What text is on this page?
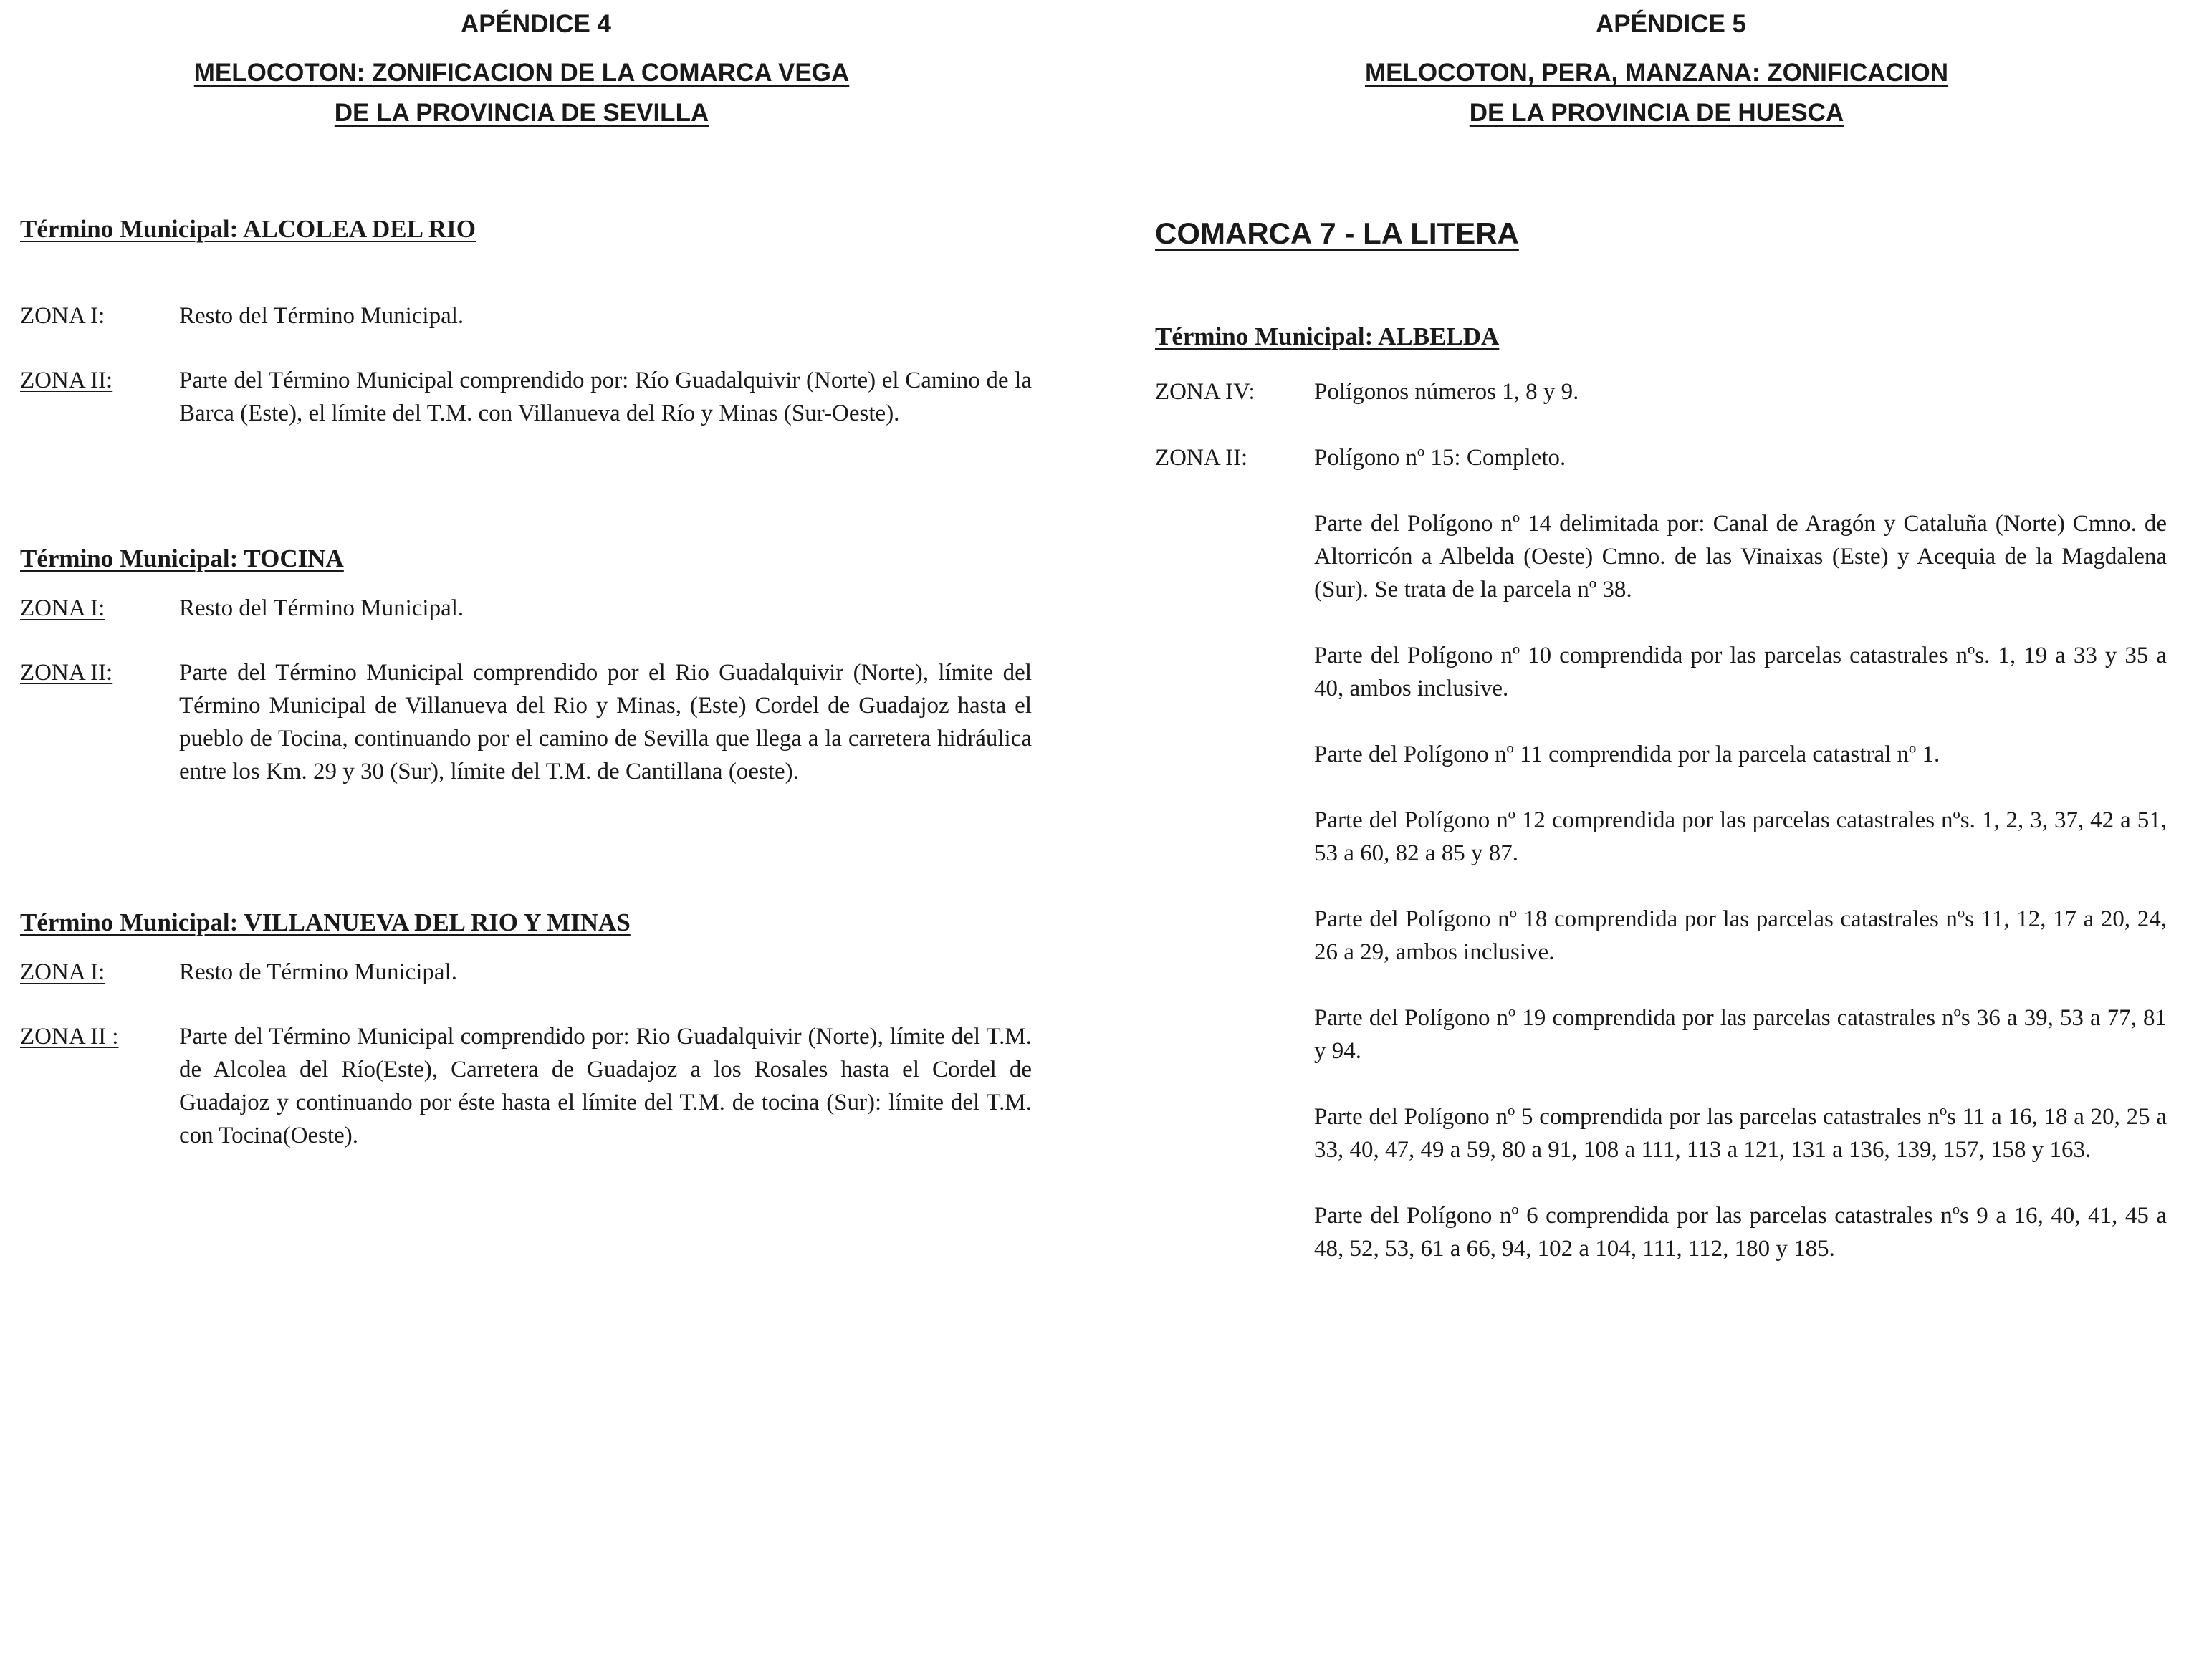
APÉNDICE 4
MELOCOTON: ZONIFICACION DE LA COMARCA VEGA
DE LA PROVINCIA DE SEVILLA
Término Municipal: ALCOLEA DEL RIO
ZONA I:	Resto del Término Municipal.
ZONA II:	Parte del Término Municipal comprendido por: Río Guadalquivir (Norte) el Camino de la Barca (Este), el límite del T.M. con Villanueva del Río y Minas (Sur-Oeste).
Término Municipal: TOCINA
ZONA I:	Resto del Término Municipal.
ZONA II:	Parte del Término Municipal comprendido por el Rio Guadalquivir (Norte), límite del Término Municipal de Villanueva del Rio y Minas, (Este) Cordel de Guadajoz hasta el pueblo de Tocina, continuando por el camino de Sevilla que llega a la carretera hidráulica entre los Km. 29 y 30 (Sur), límite del T.M. de Cantillana (oeste).
Término Municipal: VILLANUEVA DEL RIO Y MINAS
ZONA I:	Resto de Término Municipal.
ZONA II :	Parte del Término Municipal comprendido por: Rio Guadalquivir (Norte), límite del T.M. de Alcolea del Río(Este), Carretera de Guadajoz a los Rosales hasta el Cordel de Guadajoz y continuando por éste hasta el límite del T.M. de tocina (Sur): límite del T.M. con Tocina(Oeste).
APÉNDICE 5
MELOCOTON, PERA, MANZANA: ZONIFICACION
DE LA PROVINCIA DE HUESCA
COMARCA 7 - LA LITERA
Término Municipal: ALBELDA
ZONA IV:	Polígonos números 1, 8 y 9.
ZONA II:	Polígono nº 15: Completo.
Parte del Polígono nº 14 delimitada por: Canal de Aragón y Cataluña (Norte) Cmno. de Altorricón a Albelda (Oeste) Cmno. de las Vinaixas (Este) y Acequia de la Magdalena (Sur). Se trata de la parcela nº 38.
Parte del Polígono nº 10 comprendida por las parcelas catastrales nºs. 1, 19 a 33 y 35 a 40, ambos inclusive.
Parte del Polígono nº 11 comprendida por la parcela catastral nº 1.
Parte del Polígono nº 12 comprendida por las parcelas catastrales nºs. 1, 2, 3, 37, 42 a 51, 53 a 60, 82 a 85 y 87.
Parte del Polígono nº 18 comprendida por las parcelas catastrales nºs 11, 12, 17 a 20, 24, 26 a 29, ambos inclusive.
Parte del Polígono nº 19 comprendida por las parcelas catastrales nºs 36 a 39, 53 a 77, 81 y 94.
Parte del Polígono nº 5 comprendida por las parcelas catastrales nºs 11 a 16, 18 a 20, 25 a 33, 40, 47, 49 a 59, 80 a 91, 108 a 111, 113 a 121, 131 a 136, 139, 157, 158 y 163.
Parte del Polígono nº 6 comprendida por las parcelas catastrales nºs 9 a 16, 40, 41, 45 a 48, 52, 53, 61 a 66, 94, 102 a 104, 111, 112, 180 y 185.
